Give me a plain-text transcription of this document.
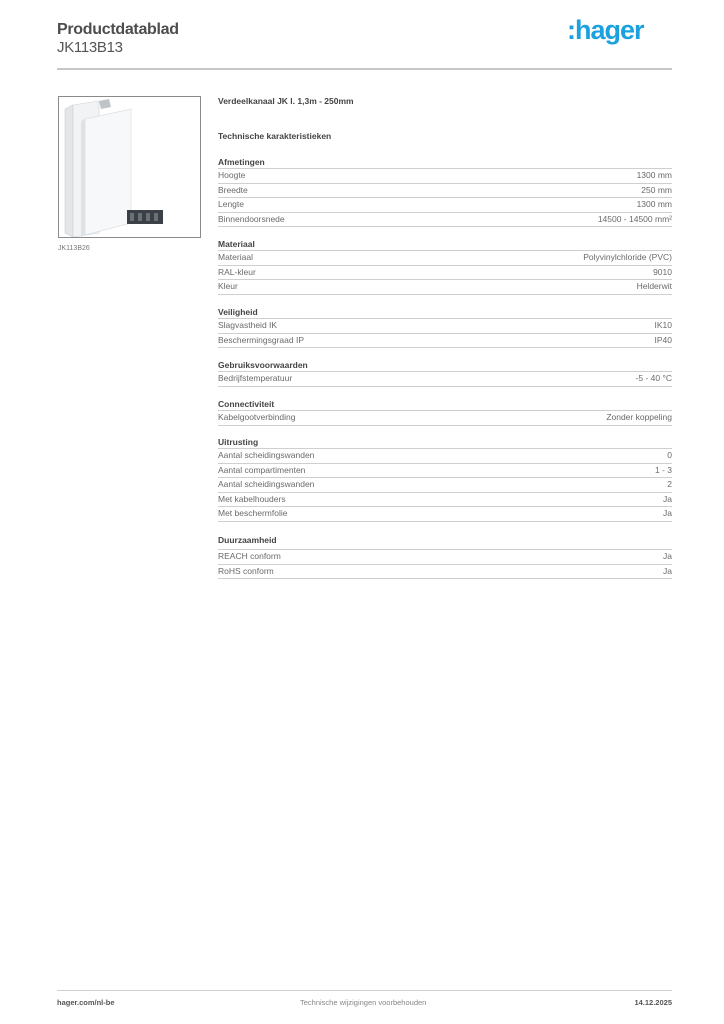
Productdatablad
JK113B13
:hager
JK113B26
Verdeelkanaal JK l. 1,3m - 250mm
Technische karakteristieken
Afmetingen
Hoogte	1300 mm
Breedte	250 mm
Lengte	1300 mm
Binnendoorsnede	14500 - 14500 mm²
Materiaal
Materiaal	Polyvinylchloride (PVC)
RAL-kleur	9010
Kleur	Helderwit
Veiligheid
Slagvastheid IK	IK10
Beschermingsgraad IP	IP40
Gebruiksvoorwaarden
Bedrijfstemperatuur	-5 - 40 °C
Connectiviteit
Kabelgootverbinding	Zonder koppeling
Uitrusting
Aantal scheidingswanden	0
Aantal compartimenten	1 - 3
Aantal scheidingswanden	2
Met kabelhouders	Ja
Met beschermfolie	Ja
Duurzaamheid
REACH conform	Ja
RoHS conform	Ja
hager.com/nl-be	Technische wijzigingen voorbehouden	14.12.2025
